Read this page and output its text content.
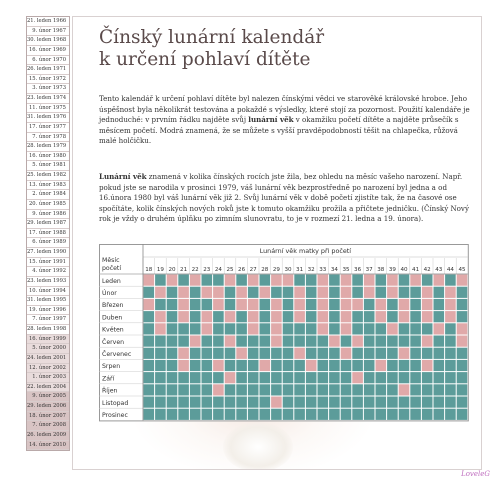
21. leden 1966
9. únor 1967
30. leden 1968
16. únor 1969
6. únor 1970
26. leden 1971
15. únor 1972
3. únor 1973
23. leden 1974
11. únor 1975
31. leden 1976
17. únor 1977
7. únor 1978
28. leden 1979
16. únor 1980
5. únor 1981
25. leden 1982
13. únor 1983
2. únor 1984
20. únor 1985
9. únor 1986
29. leden 1987
17. únor 1988
6. únor 1989
27. leden 1990
15. únor 1991
4. únor 1992
23. leden 1993
10. únor 1994
31. leden 1995
19. únor 1996
7. únor 1997
28. leden 1998
16. únor 1999
5. únor 2000
24. leden 2001
12. únor 2002
1. únor 2003
22. leden 2004
9. únor 2005
29. leden 2006
18. únor 2007
7. únor 2008
26. leden 2009
14. únor 2010
Čínský lunární kalendář
k určení pohlaví dítěte
Tento kalendář k určení pohlaví dítěte byl nalezen čínskými vědci ve starověké královské hrobce. Jeho úspěšnost byla několikrát testována a pokaždé s výsledky, které stojí za pozornost. Použití kalendáře je jednoduché: v prvním řádku najděte svůj lunární věk v okamžiku početí dítěte a najděte průsečík s měsícem početí. Modrá znamená, že se můžete s vyšší pravděpodobností těšit na chlapečka, růžová malé holčičku.
Lunární věk znamená v kolika čínských rocích jste žila, bez ohledu na měsíc vašeho narození. Např. pokud jste se narodila v prosinci 1979, váš lunární věk bezprostředně po narození byl jedna a od 16.února 1980 byl váš lunární věk již 2. Svůj lunární věk v době početí zjistíte tak, že na časové ose spočítáte, kolik čínských nových roků jste k tomuto okamžiku prožila a přičtete jedničku. (Čínský Nový rok je vždy o druhém úplňku po zimním slunovratu, to je v rozmezí 21. ledna a 19. února).
Lunární věk matky při početí
Měsíc
početí	18 19 20 21 22 23 24 25 26 27 28 29 30 31 32 33 34 35 36 37 38 39 40 41 42 43 44 45
Leden
Únor
Březen
Duben
Květen
Červen
Červenec
Srpen
Září
Říjen
Listopad
Prosinec
LoveleG
